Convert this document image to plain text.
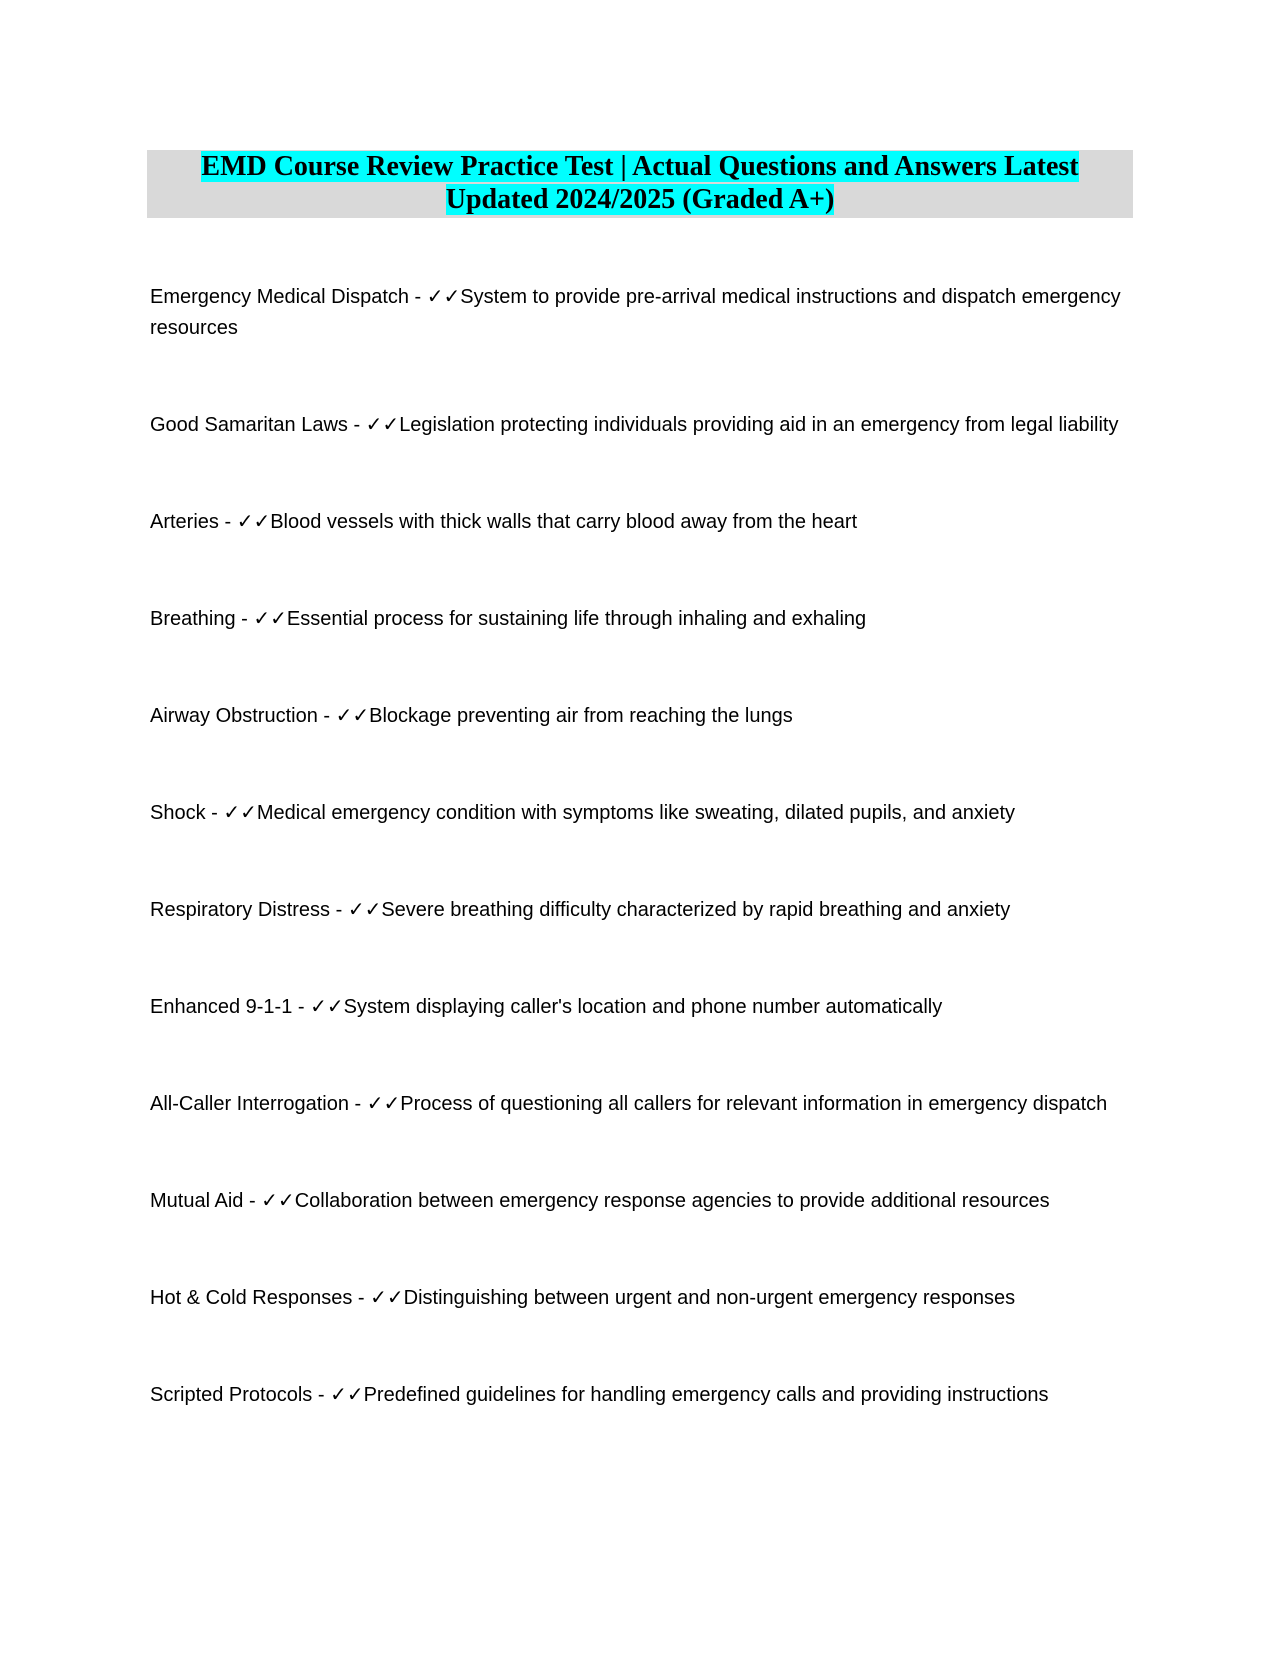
EMD Course Review Practice Test | Actual Questions and Answers Latest
Updated 2024/2025 (Graded A+)
Emergency Medical Dispatch - ✓✓System to provide pre-arrival medical instructions and dispatch emergency resources
Good Samaritan Laws - ✓✓Legislation protecting individuals providing aid in an emergency from legal liability
Arteries - ✓✓Blood vessels with thick walls that carry blood away from the heart
Breathing - ✓✓Essential process for sustaining life through inhaling and exhaling
Airway Obstruction - ✓✓Blockage preventing air from reaching the lungs
Shock - ✓✓Medical emergency condition with symptoms like sweating, dilated pupils, and anxiety
Respiratory Distress - ✓✓Severe breathing difficulty characterized by rapid breathing and anxiety
Enhanced 9-1-1 - ✓✓System displaying caller's location and phone number automatically
All-Caller Interrogation - ✓✓Process of questioning all callers for relevant information in emergency dispatch
Mutual Aid - ✓✓Collaboration between emergency response agencies to provide additional resources
Hot & Cold Responses - ✓✓Distinguishing between urgent and non-urgent emergency responses
Scripted Protocols - ✓✓Predefined guidelines for handling emergency calls and providing instructions
